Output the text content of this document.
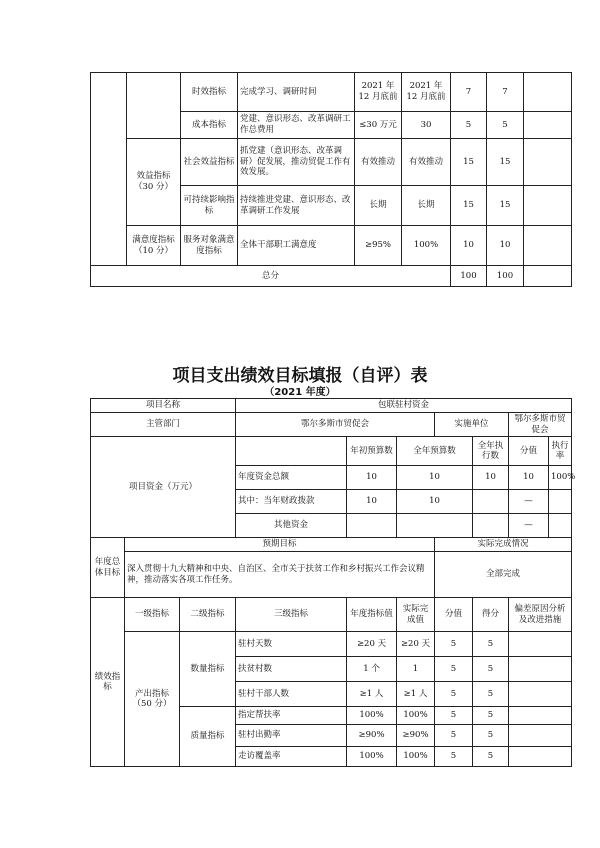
		时效指标	完成学习、调研时间	2021 年 12 月底前	2021 年 12 月底前	7	7	
		成本指标	党建、意识形态、改革调研工作总费用	≤30 万元	30	5	5	
	效益指标（30 分）	社会效益指标	抓党建（意识形态、改革调研）促发展，推动贸促工作有效发展。	有效推动	有效推动	15	15	
		可持续影响指标	持续推进党建、意识形态、改革调研工作发展	长期	长期	15	15	
	满意度指标（10 分）	服务对象满意度指标	全体干部职工满意度	≥95%	100%	10	10	
总分						100	100	
项目支出绩效目标填报（自评）表
（2021 年度）
项目名称			包联驻村资金						
主管部门			鄂尔多斯市贸促会			实施单位		鄂尔多斯市贸促会	
项目资金（万元）				年初预算数	全年预算数		全年执行数	分值	执行率
			年度资金总额	10	10		10	10	100%
			其中：当年财政拨款	10	10			—	
			其他资金					—	
年度总体目标	预期目标					实际完成情况			
	深入贯彻十九大精神和中央、自治区、全市关于扶贫工作和乡村振兴工作会议精神，推动落实各项工作任务。					全部完成			
绩效指标	一级指标	二级指标	三级指标	年度指标值	实际完成值	分值	得分	偏差原因分析及改进措施	
	产出指标（50 分）	数量指标	驻村天数	≥20 天	≥20 天	5	5		
			扶贫村数	1 个	1	5	5		
			驻村干部人数	≥1 人	≥1 人	5	5		
		质量指标	指定帮扶率	100%	100%	5	5		
			驻村出勤率	≥90%	≥90%	5	5		
			走访覆盖率	100%	100%	5	5		
